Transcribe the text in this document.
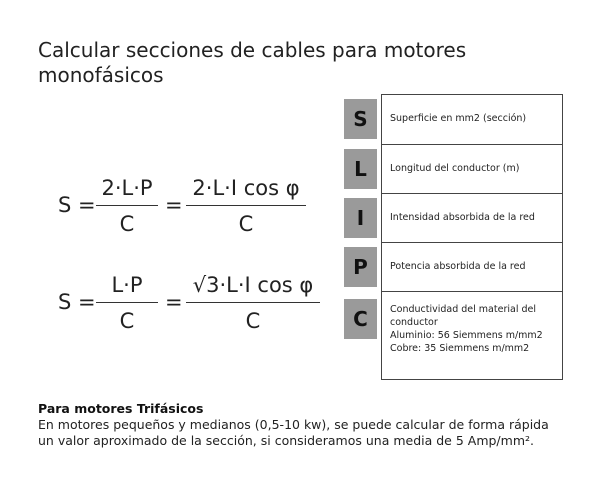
Calcular secciones de cables para motores monofásicos
S =
2·L·P
C
=
2·L·I cos φ
C
S =
L·P
C
=
√3·L·I cos φ
C
S
L
I
P
C
Superficie en mm2 (sección)
Longitud del conductor (m)
Intensidad absorbida de la red
Potencia absorbida de la red
Conductividad del material del conductor
Aluminio: 56 Siemmens m/mm2
Cobre: 35 Siemmens m/mm2
Para motores Trifásicos
En motores pequeños y medianos (0,5-10 kw), se puede calcular de forma rápida un valor aproximado de la sección, si consideramos una media de 5 Amp/mm².
